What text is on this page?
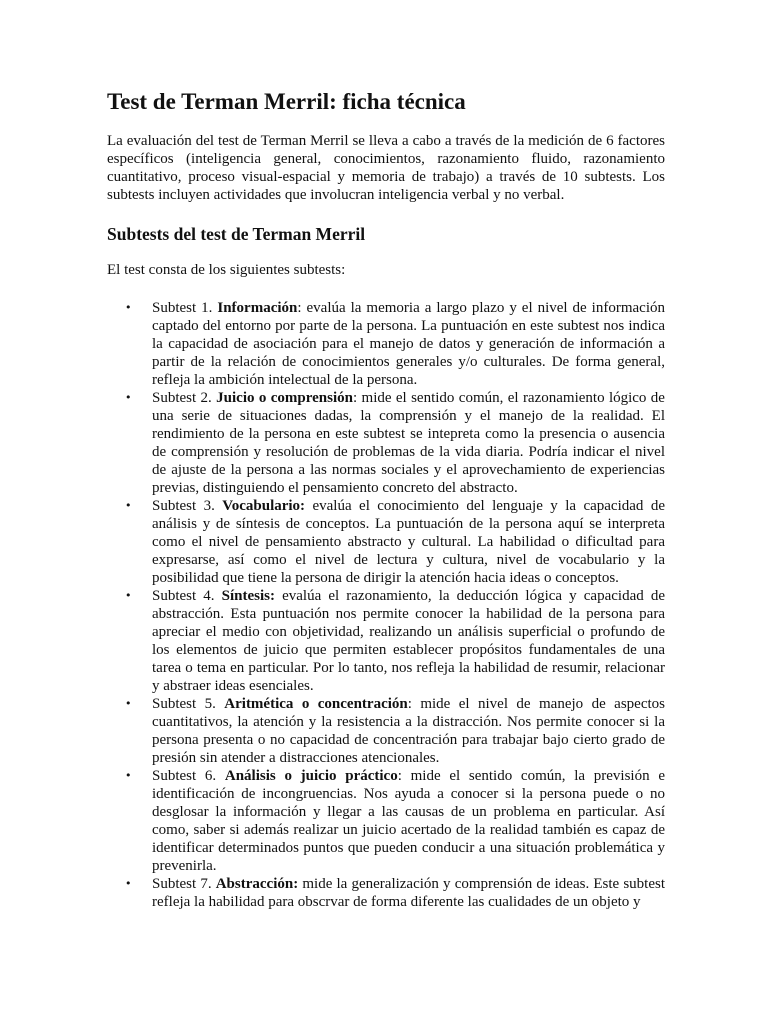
Test de Terman Merril: ficha técnica

La evaluación del test de Terman Merril se lleva a cabo a través de la medición de 6 factores específicos (inteligencia general, conocimientos, razonamiento fluido, razonamiento cuantitativo, proceso visual-espacial y memoria de trabajo) a través de 10 subtests. Los subtests incluyen actividades que involucran inteligencia verbal y no verbal.

Subtests del test de Terman Merril

El test consta de los siguientes subtests:

• Subtest 1. Información: evalúa la memoria a largo plazo y el nivel de información captado del entorno por parte de la persona. La puntuación en este subtest nos indica la capacidad de asociación para el manejo de datos y generación de información a partir de la relación de conocimientos generales y/o culturales. De forma general, refleja la ambición intelectual de la persona.
• Subtest 2. Juicio o comprensión: mide el sentido común, el razonamiento lógico de una serie de situaciones dadas, la comprensión y el manejo de la realidad. El rendimiento de la persona en este subtest se intepreta como la presencia o ausencia de comprensión y resolución de problemas de la vida diaria. Podría indicar el nivel de ajuste de la persona a las normas sociales y el aprovechamiento de experiencias previas, distinguiendo el pensamiento concreto del abstracto.
• Subtest 3. Vocabulario: evalúa el conocimiento del lenguaje y la capacidad de análisis y de síntesis de conceptos. La puntuación de la persona aquí se interpreta como el nivel de pensamiento abstracto y cultural. La habilidad o dificultad para expresarse, así como el nivel de lectura y cultura, nivel de vocabulario y la posibilidad que tiene la persona de dirigir la atención hacia ideas o conceptos.
• Subtest 4. Síntesis: evalúa el razonamiento, la deducción lógica y capacidad de abstracción. Esta puntuación nos permite conocer la habilidad de la persona para apreciar el medio con objetividad, realizando un análisis superficial o profundo de los elementos de juicio que permiten establecer propósitos fundamentales de una tarea o tema en particular. Por lo tanto, nos refleja la habilidad de resumir, relacionar y abstraer ideas esenciales.
• Subtest 5. Aritmética o concentración: mide el nivel de manejo de aspectos cuantitativos, la atención y la resistencia a la distracción. Nos permite conocer si la persona presenta o no capacidad de concentración para trabajar bajo cierto grado de presión sin atender a distracciones atencionales.
• Subtest 6. Análisis o juicio práctico: mide el sentido común, la previsión e identificación de incongruencias. Nos ayuda a conocer si la persona puede o no desglosar la información y llegar a las causas de un problema en particular. Así como, saber si además realizar un juicio acertado de la realidad también es capaz de identificar determinados puntos que pueden conducir a una situación problemática y prevenirla.
• Subtest 7. Abstracción: mide la generalización y comprensión de ideas. Este subtest refleja la habilidad para obscrvar de forma diferente las cualidades de un objeto y
